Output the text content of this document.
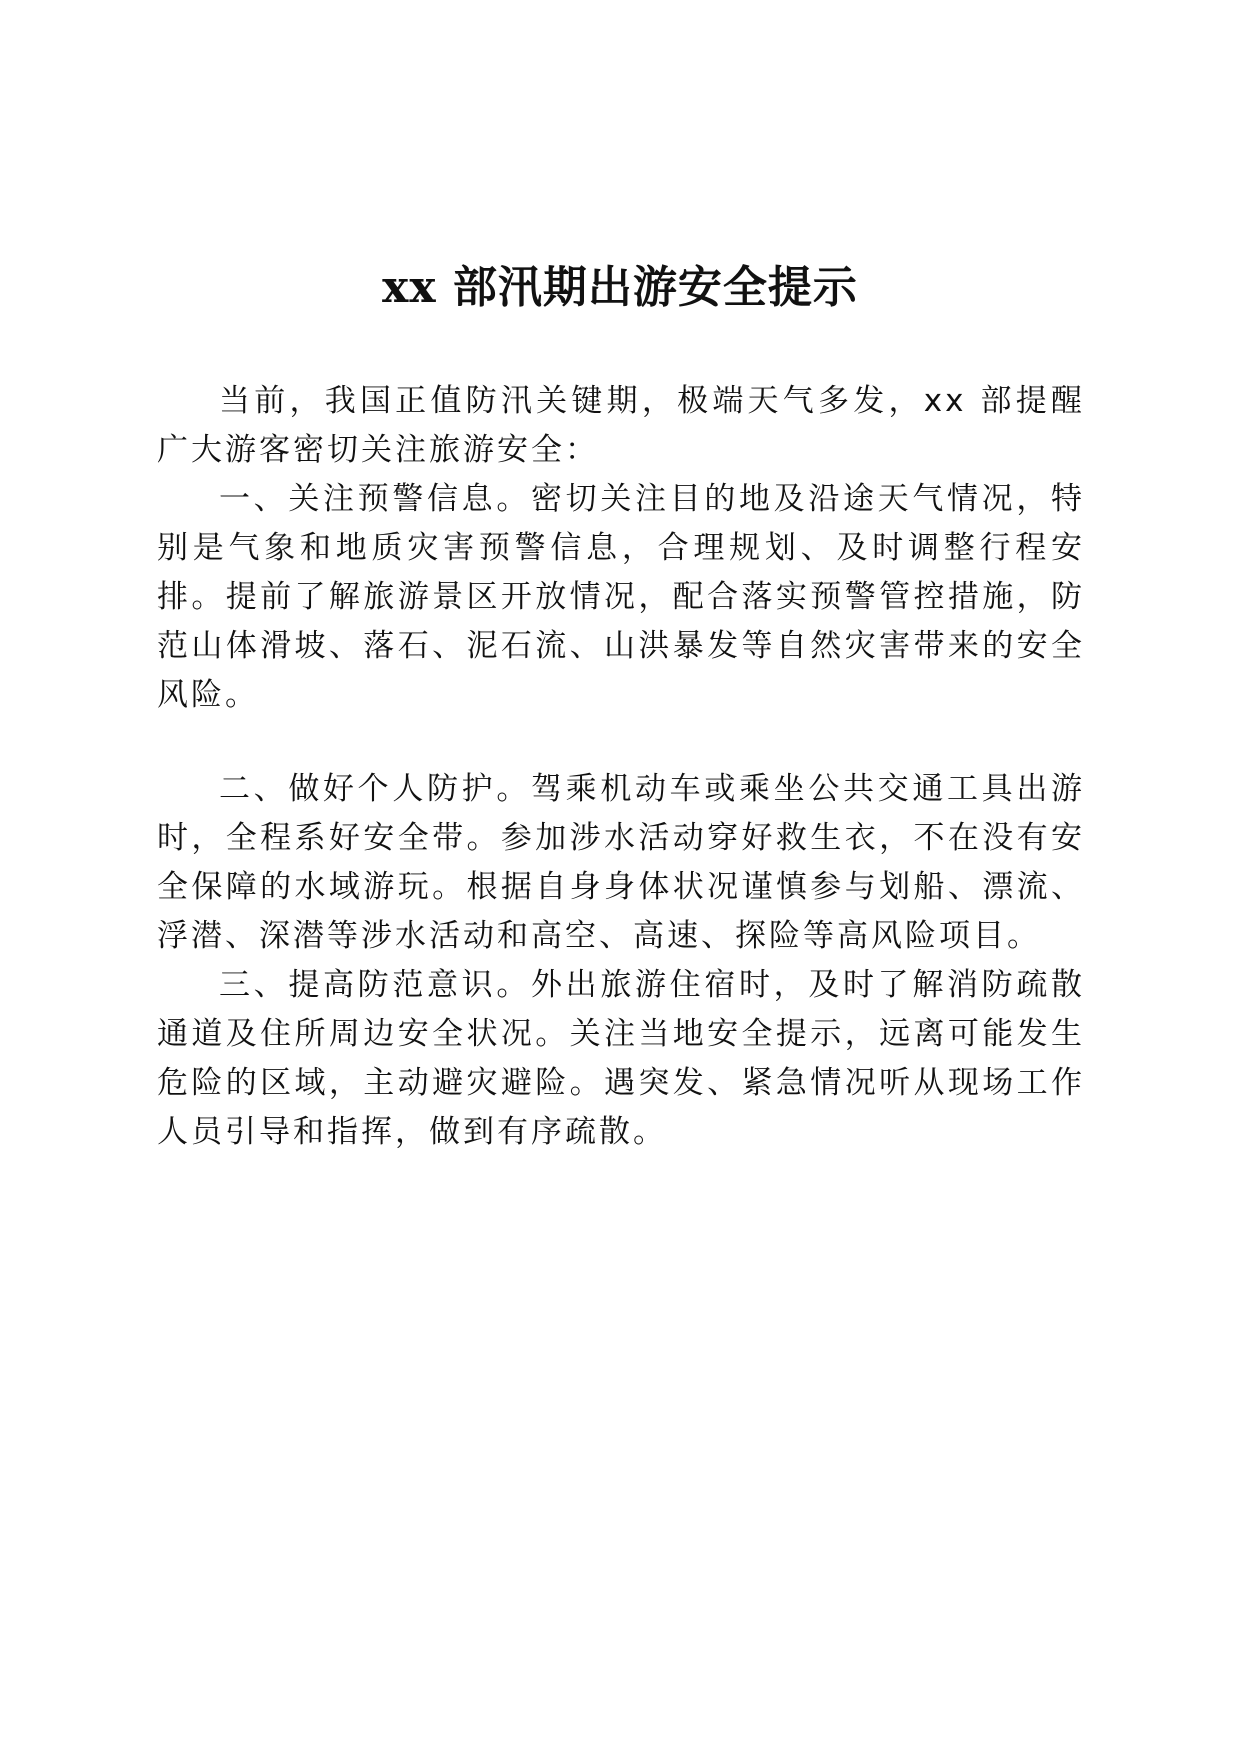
xx 部汛期出游安全提示

当前，我国正值防汛关键期，极端天气多发，xx 部提醒广大游客密切关注旅游安全：

一、关注预警信息。密切关注目的地及沿途天气情况，特别是气象和地质灾害预警信息，合理规划、及时调整行程安排。提前了解旅游景区开放情况，配合落实预警管控措施，防范山体滑坡、落石、泥石流、山洪暴发等自然灾害带来的安全风险。

二、做好个人防护。驾乘机动车或乘坐公共交通工具出游时，全程系好安全带。参加涉水活动穿好救生衣，不在没有安全保障的水域游玩。根据自身身体状况谨慎参与划船、漂流、浮潜、深潜等涉水活动和高空、高速、探险等高风险项目。

三、提高防范意识。外出旅游住宿时，及时了解消防疏散通道及住所周边安全状况。关注当地安全提示，远离可能发生危险的区域，主动避灾避险。遇突发、紧急情况听从现场工作人员引导和指挥，做到有序疏散。
